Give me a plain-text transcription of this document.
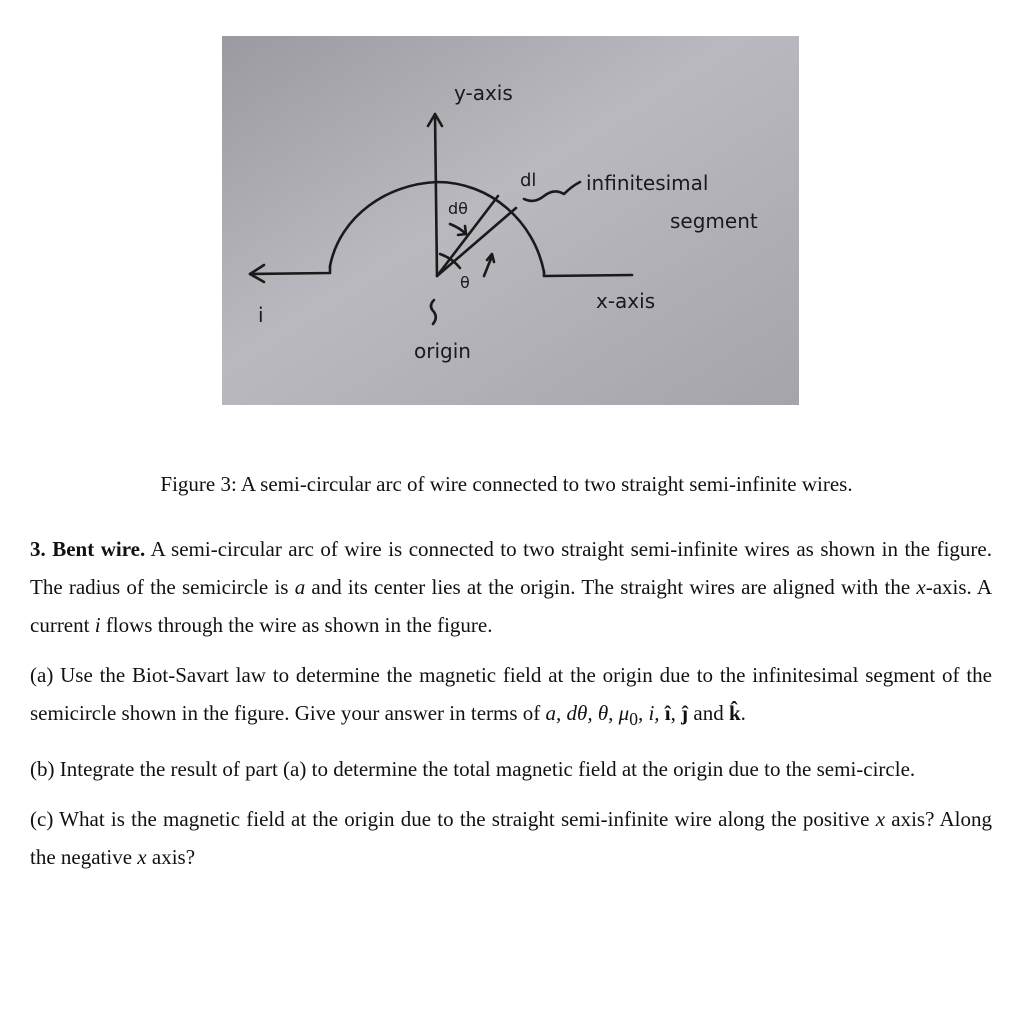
y-axis
dl infinitesimal
segment
dθ
θ
x-axis
i
origin
Figure 3: A semi-circular arc of wire connected to two straight semi-infinite wires.

3. Bent wire. A semi-circular arc of wire is connected to two straight semi-infinite wires as shown in the figure. The radius of the semicircle is a and its center lies at the origin. The straight wires are aligned with the x-axis. A current i flows through the wire as shown in the figure.

(a) Use the Biot-Savart law to determine the magnetic field at the origin due to the infinitesimal segment of the semicircle shown in the figure. Give your answer in terms of a, dθ, θ, $\mu_0$, i, î, ĵ and k̂.

(b) Integrate the result of part (a) to determine the total magnetic field at the origin due to the semi-circle.

(c) What is the magnetic field at the origin due to the straight semi-infinite wire along the positive x axis? Along the negative x axis?
